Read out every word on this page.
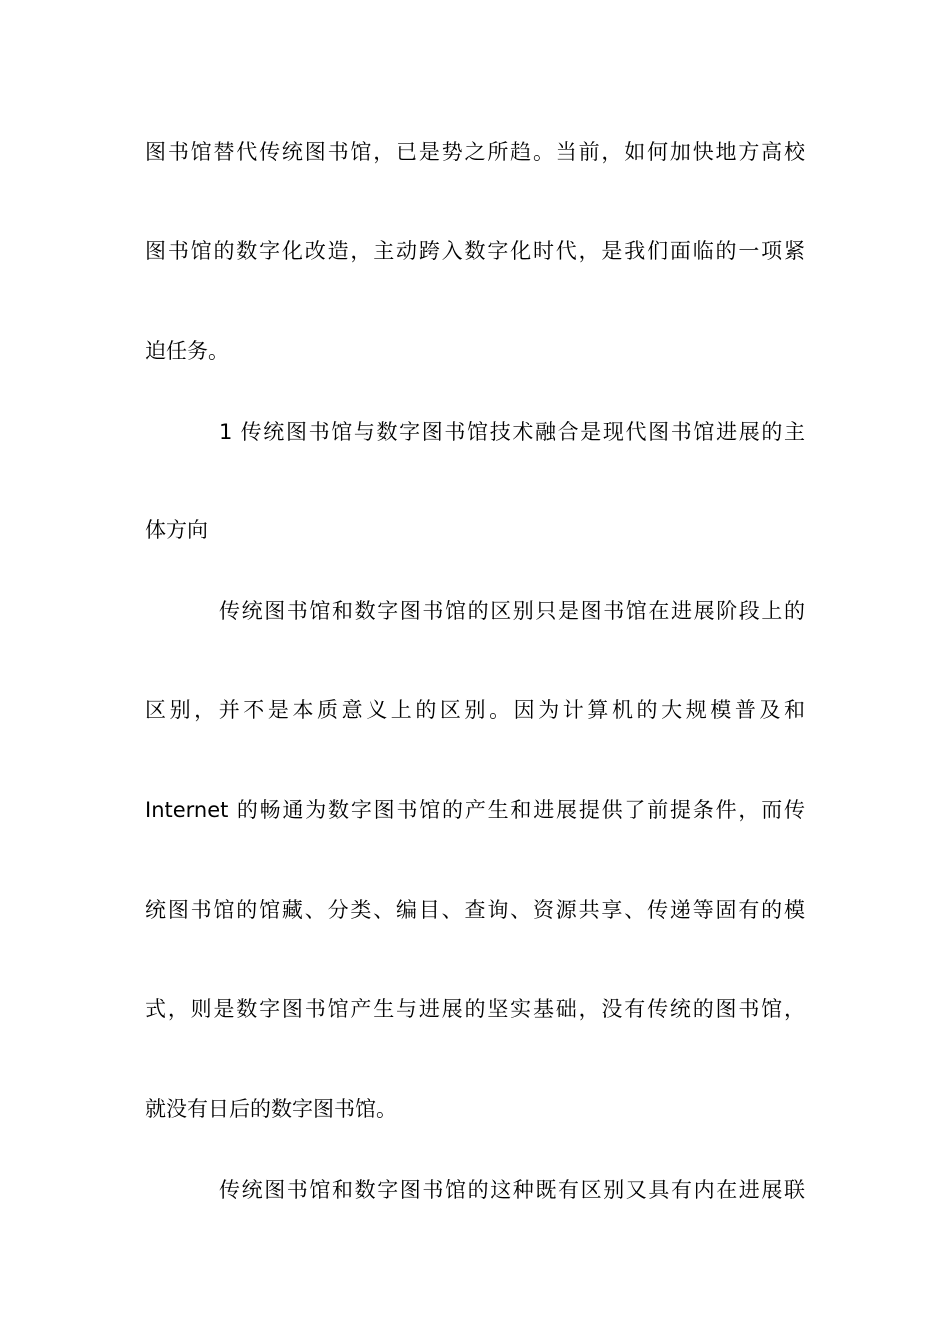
图书馆替代传统图书馆，已是势之所趋。当前，如何加快地方高校
图书馆的数字化改造，主动跨入数字化时代，是我们面临的一项紧
迫任务。
1 传统图书馆与数字图书馆技术融合是现代图书馆进展的主
体方向
传统图书馆和数字图书馆的区别只是图书馆在进展阶段上的
区别，并不是本质意义上的区别。因为计算机的大规模普及和
Internet 的畅通为数字图书馆的产生和进展提供了前提条件，而传
统图书馆的馆藏、分类、编目、查询、资源共享、传递等固有的模
式，则是数字图书馆产生与进展的坚实基础，没有传统的图书馆，
就没有日后的数字图书馆。
传统图书馆和数字图书馆的这种既有区别又具有内在进展联
